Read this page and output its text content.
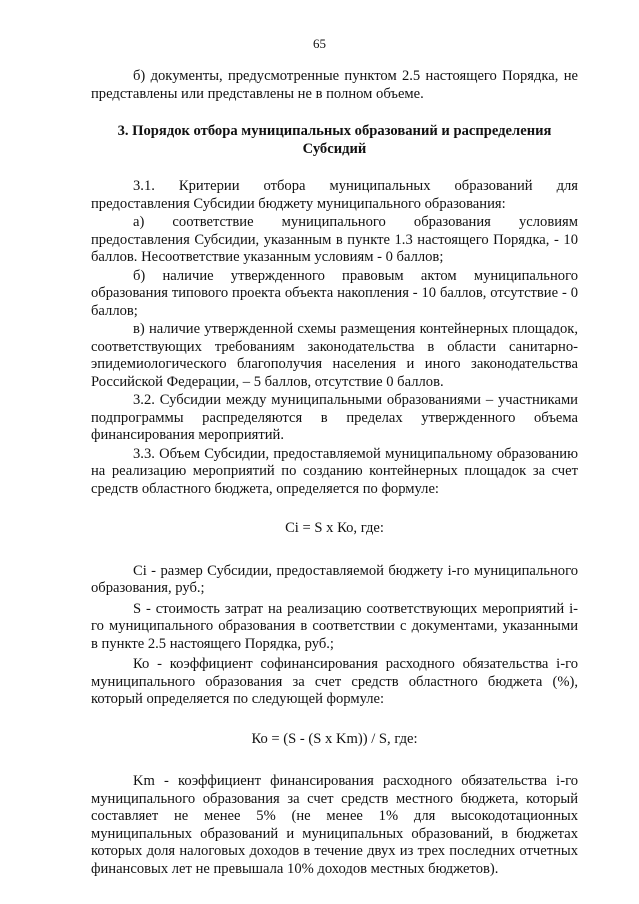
65

б) документы, предусмотренные пунктом 2.5 настоящего Порядка, не представлены или представлены не в полном объеме.

3. Порядок отбора муниципальных образований и распределения Субсидий

3.1. Критерии отбора муниципальных образований для предоставления Субсидии бюджету муниципального образования:

а) соответствие муниципального образования условиям предоставления Субсидии, указанным в пункте 1.3 настоящего Порядка, - 10 баллов. Несоответствие указанным условиям - 0 баллов;

б) наличие утвержденного правовым актом муниципального образования типового проекта объекта накопления - 10 баллов, отсутствие - 0 баллов;

в) наличие утвержденной схемы размещения контейнерных площадок, соответствующих требованиям законодательства в области санитарно-эпидемиологического благополучия населения и иного законодательства Российской Федерации, – 5 баллов, отсутствие 0 баллов.

3.2. Субсидии между муниципальными образованиями – участниками подпрограммы распределяются в пределах утвержденного объема финансирования мероприятий.

3.3. Объем Субсидии, предоставляемой муниципальному образованию на реализацию мероприятий по созданию контейнерных площадок за счет средств областного бюджета, определяется по формуле:

Ci = S x Ко, где:

Ci - размер Субсидии, предоставляемой бюджету i-го муниципального образования, руб.;

S - стоимость затрат на реализацию соответствующих мероприятий i-го муниципального образования в соответствии с документами, указанными в пункте 2.5 настоящего Порядка, руб.;

Ко - коэффициент софинансирования расходного обязательства i-го муниципального образования за счет средств областного бюджета (%), который определяется по следующей формуле:

Ко = (S - (S x Km)) / S, где:

Km - коэффициент финансирования расходного обязательства i-го муниципального образования за счет средств местного бюджета, который составляет не менее 5% (не менее 1% для высокодотационных муниципальных образований и муниципальных образований, в бюджетах которых доля налоговых доходов в течение двух из трех последних отчетных финансовых лет не превышала 10% доходов местных бюджетов).
